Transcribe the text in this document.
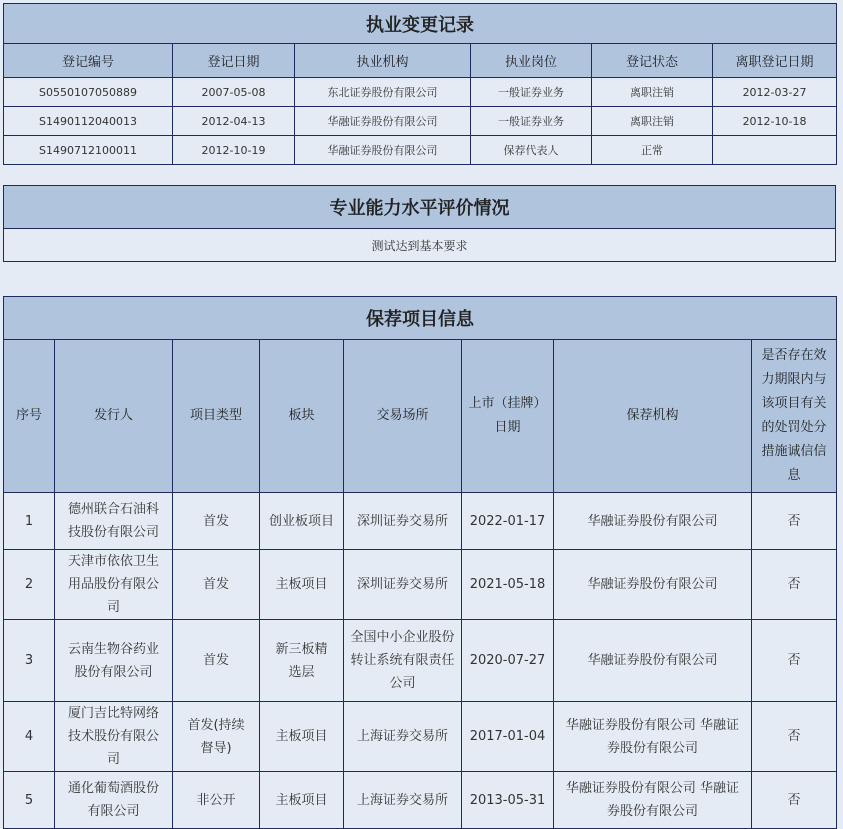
执业变更记录					
登记编号	登记日期	执业机构	执业岗位	登记状态	离职登记日期
S0550107050889	2007-05-08	东北证券股份有限公司	一般证券业务	离职注销	2012-03-27
S1490112040013	2012-04-13	华融证券股份有限公司	一般证券业务	离职注销	2012-10-18
S1490712100011	2012-10-19	华融证券股份有限公司	保荐代表人	正常	
专业能力水平评价情况
测试达到基本要求
保荐项目信息							
序号	发行人	项目类型	板块	交易场所	上市（挂牌）日期	保荐机构	是否存在效力期限内与该项目有关的处罚处分措施诚信信息
1	德州联合石油科技股份有限公司	首发	创业板项目	深圳证券交易所	2022-01-17	华融证券股份有限公司	否
2	天津市依依卫生用品股份有限公司	首发	主板项目	深圳证券交易所	2021-05-18	华融证券股份有限公司	否
3	云南生物谷药业股份有限公司	首发	新三板精选层	全国中小企业股份转让系统有限责任公司	2020-07-27	华融证券股份有限公司	否
4	厦门吉比特网络技术股份有限公司	首发(持续督导)	主板项目	上海证券交易所	2017-01-04	华融证券股份有限公司 华融证券股份有限公司	否
5	通化葡萄酒股份有限公司	非公开	主板项目	上海证券交易所	2013-05-31	华融证券股份有限公司 华融证券股份有限公司	否
